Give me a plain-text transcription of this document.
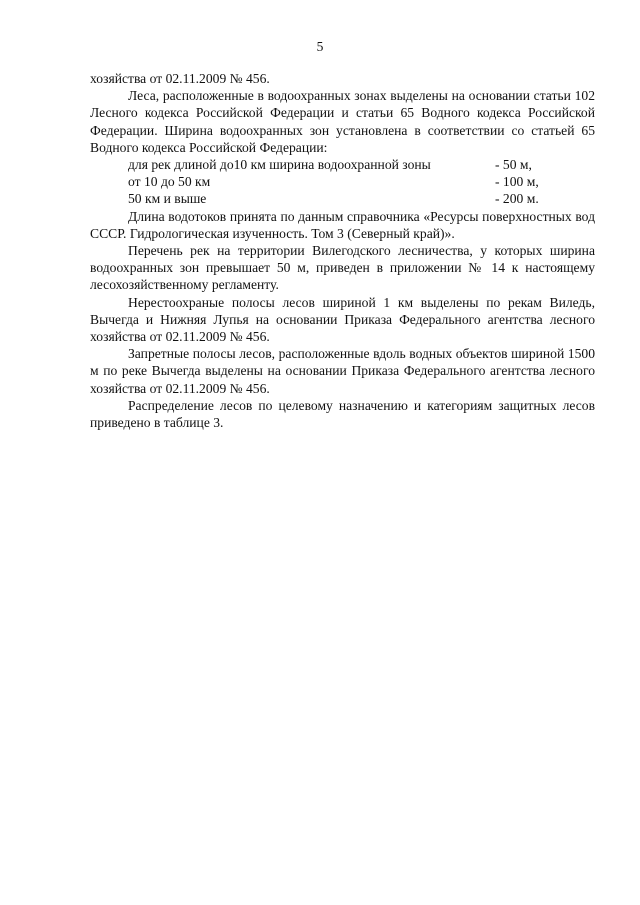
5

хозяйства от 02.11.2009 № 456.

Леса, расположенные в водоохранных зонах выделены на основании статьи 102 Лесного кодекса Российской Федерации и статьи 65 Водного кодекса Российской Федерации. Ширина водоохранных зон установлена в соответствии со статьей 65 Водного кодекса Российской Федерации:

для рек длиной до10 км ширина водоохранной зоны	- 50 м,
от 10 до 50 км	- 100 м,
50 км и выше	- 200 м.

Длина водотоков принята по данным справочника «Ресурсы поверхностных вод СССР. Гидрологическая изученность. Том 3 (Северный край)».

Перечень рек на территории Вилегодского лесничества, у которых ширина водоохранных зон превышает 50 м, приведен в приложении № 14 к настоящему лесохозяйственному регламенту.

Нерестоохраные полосы лесов шириной 1 км выделены по рекам Виледь, Вычегда и Нижняя Лупья на основании Приказа Федерального агентства лесного хозяйства от 02.11.2009 № 456.

Запретные полосы лесов, расположенные вдоль водных объектов шириной 1500 м по реке Вычегда выделены на основании Приказа Федерального агентства лесного хозяйства от 02.11.2009 № 456.

Распределение лесов по целевому назначению и категориям защитных лесов приведено в таблице 3.
